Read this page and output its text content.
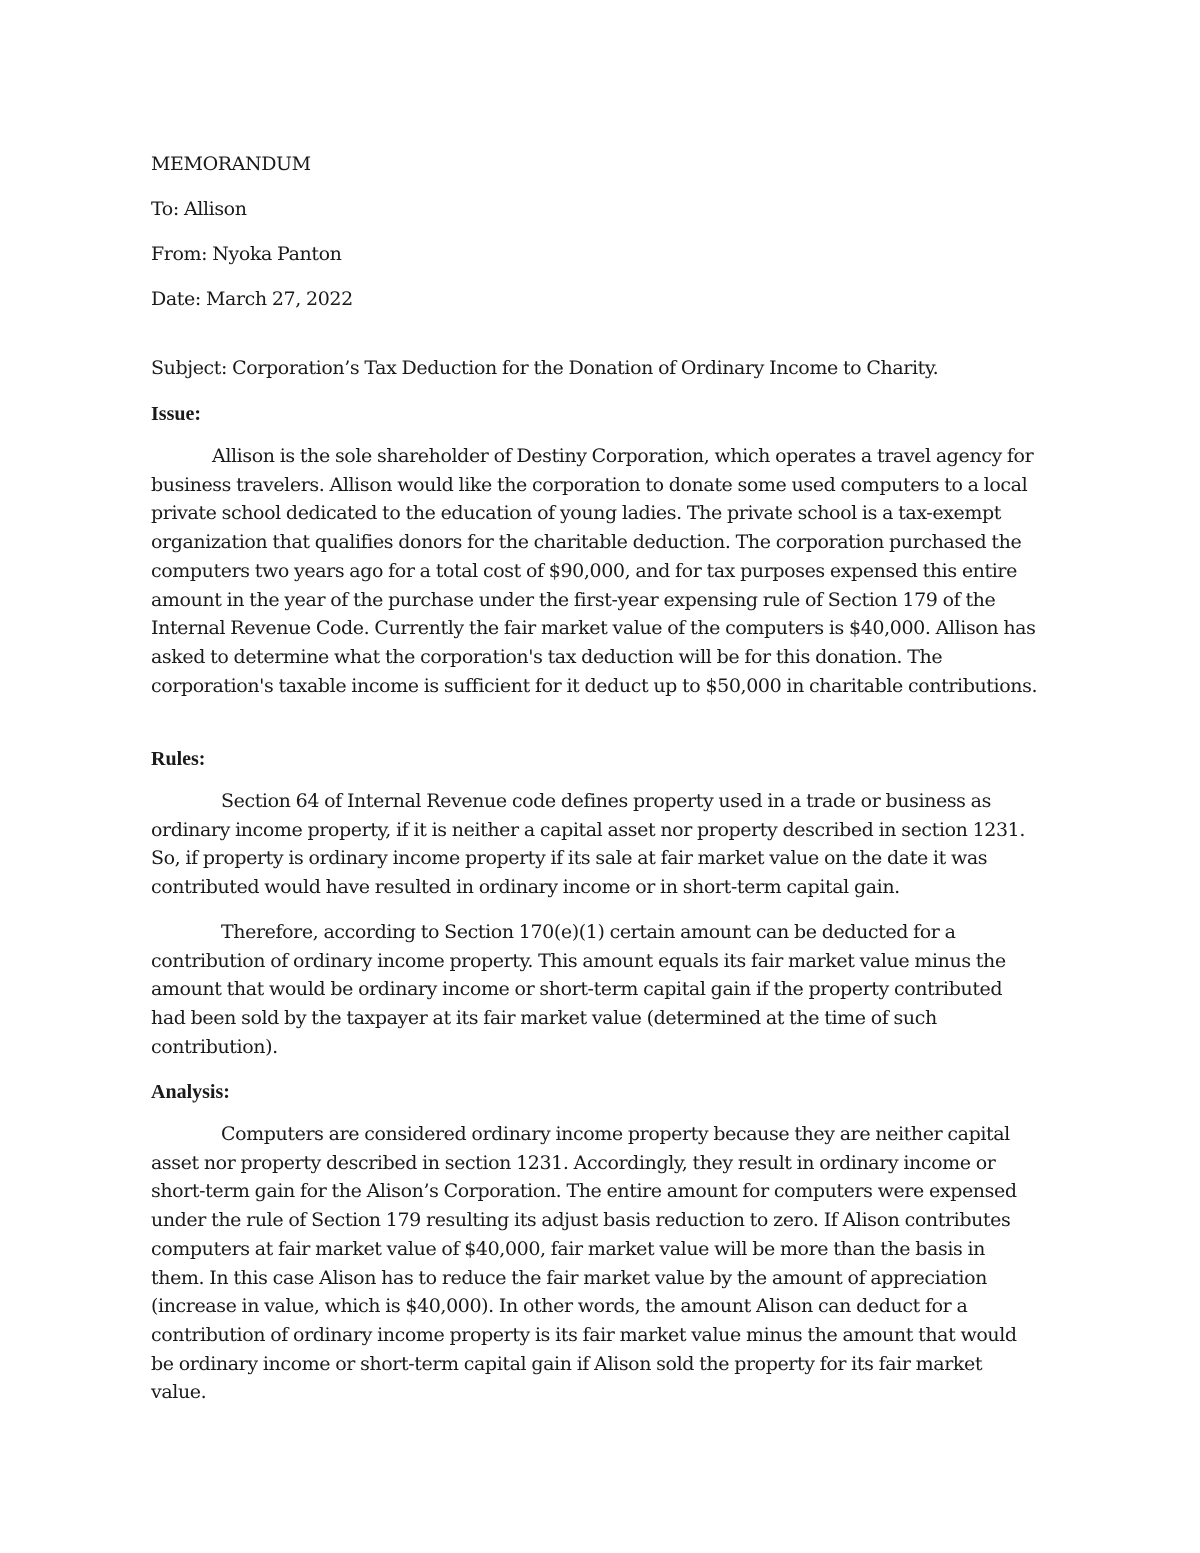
MEMORANDUM
To: Allison
From: Nyoka Panton
Date: March 27, 2022
Subject: Corporation’s Tax Deduction for the Donation of Ordinary Income to Charity.
Issue:
Allison is the sole shareholder of Destiny Corporation, which operates a travel agency for business travelers. Allison would like the corporation to donate some used computers to a local private school dedicated to the education of young ladies. The private school is a tax-exempt organization that qualifies donors for the charitable deduction. The corporation purchased the computers two years ago for a total cost of $90,000, and for tax purposes expensed this entire amount in the year of the purchase under the first-year expensing rule of Section 179 of the Internal Revenue Code. Currently the fair market value of the computers is $40,000. Allison has asked to determine what the corporation's tax deduction will be for this donation. The corporation's taxable income is sufficient for it deduct up to $50,000 in charitable contributions.
Rules:
Section 64 of Internal Revenue code defines property used in a trade or business as ordinary income property, if it is neither a capital asset nor property described in section 1231. So, if property is ordinary income property if its sale at fair market value on the date it was contributed would have resulted in ordinary income or in short-term capital gain.
Therefore, according to Section 170(e)(1) certain amount can be deducted for a contribution of ordinary income property. This amount equals its fair market value minus the amount that would be ordinary income or short-term capital gain if the property contributed had been sold by the taxpayer at its fair market value (determined at the time of such contribution).
Analysis:
Computers are considered ordinary income property because they are neither capital asset nor property described in section 1231. Accordingly, they result in ordinary income or short-term gain for the Alison’s Corporation. The entire amount for computers were expensed under the rule of Section 179 resulting its adjust basis reduction to zero. If Alison contributes computers at fair market value of $40,000, fair market value will be more than the basis in them. In this case Alison has to reduce the fair market value by the amount of appreciation (increase in value, which is $40,000). In other words, the amount Alison can deduct for a contribution of ordinary income property is its fair market value minus the amount that would be ordinary income or short-term capital gain if Alison sold the property for its fair market value.
